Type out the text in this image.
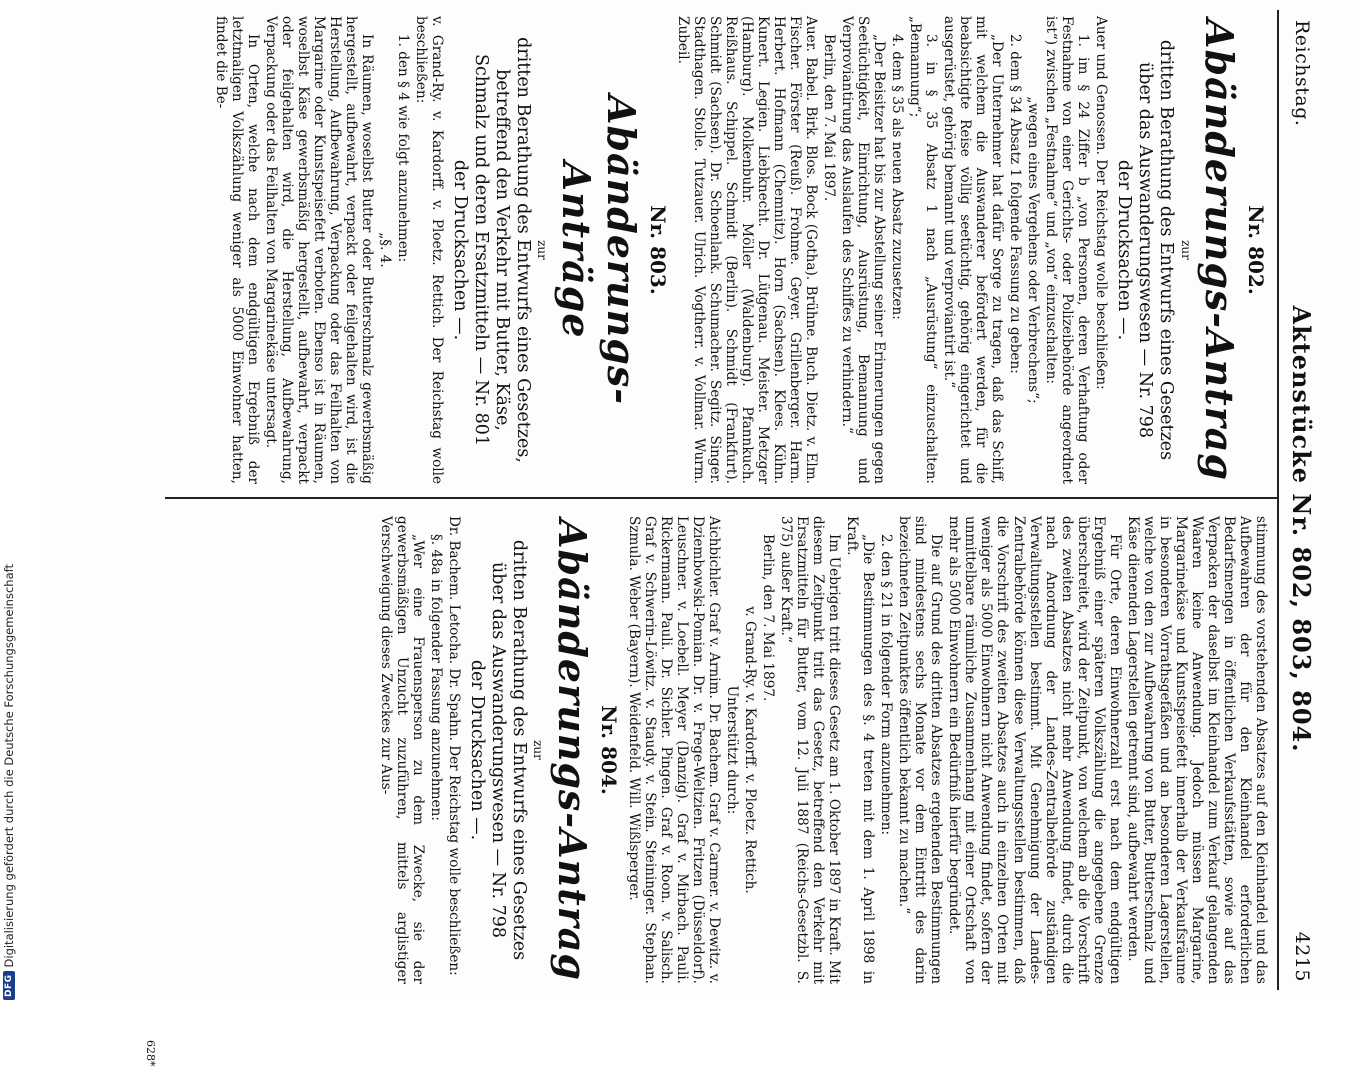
Reichstag.
Aktenstücke Nr. 802, 803, 804.
4215
Nr. 802.
Abänderungs-Antrag
zur
dritten Berathung des Entwurfs eines Gesetzes
über das Auswanderungswesen — Nr. 798
der Drucksachen —.

Auer und Genossen. Der Reichstag wolle beschließen:

1. im § 24 Ziffer b „von Personen, deren Verhaftung oder Festnahme von einer Gerichts- oder Polizeibehörde angeordnet ist“) zwischen „Festnahme“ und „von“ einzuschalten:

„wegen eines Vergehens oder Verbrechens“;

2. dem § 34 Absatz 1 folgende Fassung zu geben:

„Der Unternehmer hat dafür Sorge zu tragen, daß das Schiff, mit welchem die Auswanderer befördert werden, für die beabsichtigte Reise völlig seetüchtig, gehörig eingerichtet und ausgerüstet, gehörig bemannt und verproviantirt ist.“

3. in § 35 Absatz 1 nach „Ausrüstung“ einzuschalten: „Bemannung“;

4. dem § 35 als neuen Absatz zuzusetzen:

„Der Beisitzer hat bis zur Abstellung seiner Erinnerungen gegen Seetüchtigkeit, Einrichtung, Ausrüstung, Bemannung und Verproviantirung das Auslaufen des Schiffes zu verhindern.“

Berlin, den 7. Mai 1897.

Auer. Babel. Birk. Blos. Bock (Gotha). Brühne. Buch. Dietz. v. Elm. Fischer. Förster (Reuß). Frohme. Geyer. Grillenberger. Harm. Herbert. Hofmann (Chemnitz). Horn (Sachsen). Klees. Kühn. Kunert. Legien. Liebknecht. Dr. Lütgenau. Meister. Metzger (Hamburg). Molkenbuhr. Möller (Waldenburg). Pfannkuch. Reißhaus. Schippel. Schmidt (Berlin). Schmidt (Frankfurt). Schmidt (Sachsen). Dr. Schoenlank. Schumacher. Segitz. Singer. Stadthagen. Stolle. Tutzauer. Ulrich. Vogtherr. v. Vollmar. Wurm. Zubeil.

Nr. 803.
Abänderungs-Anträge
zur
dritten Berathung des Entwurfs eines Gesetzes,
betreffend den Verkehr mit Butter, Käse,
Schmalz und deren Ersatzmitteln — Nr. 801
der Drucksachen —.

v. Grand-Ry. v. Kardorff. v. Ploetz. Rettich. Der Reichstag wolle beschließen:

1. den § 4 wie folgt anzunehmen:

„§. 4.

In Räumen, woselbst Butter oder Butterschmalz gewerbsmäßig hergestellt, aufbewahrt, verpackt oder feilgehalten wird, ist die Herstellung, Aufbewahrung, Verpackung oder das Feilhalten von Margarine oder Kunstspeisefett verboten. Ebenso ist in Räumen, woselbst Käse gewerbsmäßig hergestellt, aufbewahrt, verpackt oder feilgehalten wird, die Herstellung, Aufbewahrung, Verpackung oder das Feilhalten von Margarinekäse untersagt.

In Orten, welche nach dem endgültigen Ergebniß der letztmaligen Volkszählung weniger als 5000 Einwohner hatten, findet die Be-

stimmung des vorstehenden Absatzes auf den Kleinhandel und das Aufbewahren der für den Kleinhandel erforderlichen Bedarfsmengen in öffentlichen Verkaufsstätten, sowie auf das Verpacken der daselbst im Kleinhandel zum Verkauf gelangenden Waaren keine Anwendung. Jedoch müssen Margarine, Margarinekäse und Kunstspeisefett innerhalb der Verkaufsräume in besonderen Vorrathsgefäßen und an besonderen Lagerstellen, welche von den zur Aufbewahrung von Butter, Butterschmalz und Käse dienenden Lagerstellen getrennt sind, aufbewahrt werden.

Für Orte, deren Einwohnerzahl erst nach dem endgültigen Ergebniß einer späteren Volkszählung die angegebene Grenze überschreitet, wird der Zeitpunkt, von welchem ab die Vorschrift des zweiten Absatzes nicht mehr Anwendung findet, durch die nach Anordnung der Landes-Zentralbehörde zuständigen Verwaltungsstellen bestimmt. Mit Genehmigung der Landes-Zentralbehörde können diese Verwaltungsstellen bestimmen, daß die Vorschrift des zweiten Absatzes auch in einzelnen Orten mit weniger als 5000 Einwohnern nicht Anwendung findet, sofern der unmittelbare räumliche Zusammenhang mit einer Ortschaft von mehr als 5000 Einwohnern ein Bedürfniß hierfür begründet.

Die auf Grund des dritten Absatzes ergehenden Bestimmungen sind mindestens sechs Monate vor dem Eintritt des darin bezeichneten Zeitpunktes öffentlich bekannt zu machen.“

2. den § 21 in folgender Form anzunehmen:

„Die Bestimmungen des §. 4 treten mit dem 1. April 1898 in Kraft.

Im Uebrigen tritt dieses Gesetz am 1. Oktober 1897 in Kraft. Mit diesem Zeitpunkt tritt das Gesetz, betreffend den Verkehr mit Ersatzmitteln für Butter, vom 12. Juli 1887 (Reichs-Gesetzbl. S. 375) außer Kraft.“

Berlin, den 7. Mai 1897.

v. Grand-Ry. v. Kardorff. v. Ploetz. Rettich.

Unterstützt durch:

Aichbichler. Graf v. Arnim. Dr. Bachem. Graf v. Carmer. v. Dewitz. v. Dziembowski-Pomian. Dr. v. Frege-Weltzien. Fritzen (Düsseldorf). Leuschner. v. Loebell. Meyer (Danzig). Graf v. Mirbach. Pauli. Rickermann. Pauli. Dr. Sichler. Pingen. Graf v. Roon. v. Salisch. Graf v. Schwerin-Löwitz. v. Staudy. v. Stein. Steininger. Stephan. Szmula. Weber (Bayern). Weidenfeld. Will. Wißlsperger.

Nr. 804.
Abänderungs-Antrag
zur
dritten Berathung des Entwurfs eines Gesetzes
über das Auswanderungswesen — Nr. 798
der Drucksachen —.

Dr. Bachem. Letocha. Dr. Spahn. Der Reichstag wolle beschließen:

§. 48a in folgender Fassung anzunehmen:

„Wer eine Frauensperson zu dem Zwecke, sie der gewerbsmäßigen Unzucht zuzuführen, mittels arglistiger Verschweigung dieses Zweckes zur Aus-

628*
DFG
Digitalisierung gefördert durch die Deutsche Forschungsgemeinschaft
